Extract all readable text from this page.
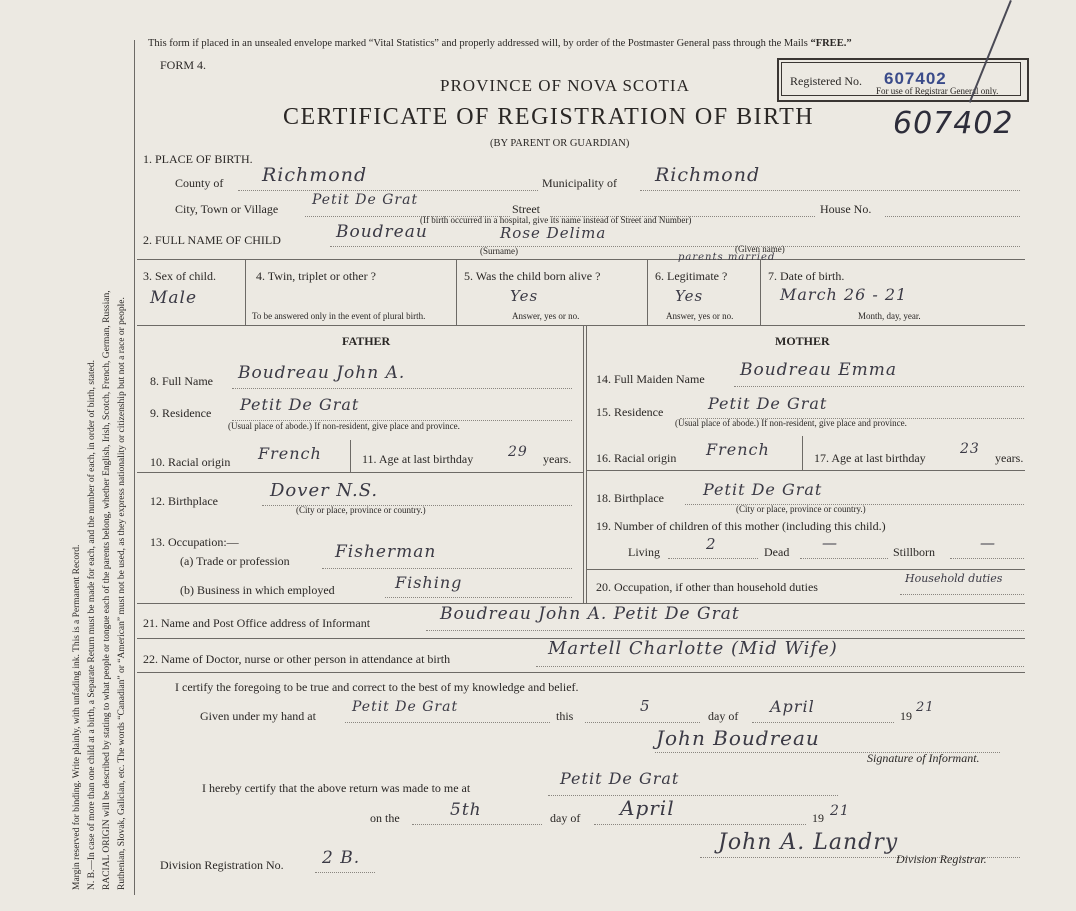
Margin reserved for binding. Write plainly, with unfading ink. This is a Permanent Record. N. B.—In case of more than one child at a birth, a Separate Return must be made for each, and the number of each, in order of birth, stated. RACIAL ORIGIN will be described by stating to what people or tongue each of the parents belong, whether English, Irish, Scotch, French, German, Russian, Ruthenian, Slovak, Galician, etc. The words “Canadian” or “American” must not be used, as they express nationality or citizenship but not a race or people.
This form if placed in an unsealed envelope marked “Vital Statistics” and properly addressed will, by order of the Postmaster General pass through the Mails “FREE.”
FORM 4.
Registered No. 607402
For use of Registrar General only.
607402
PROVINCE OF NOVA SCOTIA
CERTIFICATE OF REGISTRATION OF BIRTH
(BY PARENT OR GUARDIAN)
1. PLACE OF BIRTH.
County of Richmond	Municipality of Richmond
City, Town or Village
Petit De Grat
Street	House No.
(If birth occurred in a hospital, give its name instead of Street and Number)
2. FULL NAME OF CHILD	Boudreau	Rose Delima
(Surname)	(Given name)
3. Sex of child.
Male
4. Twin, triplet or other ?
To be answered only in the event of plural birth.
5. Was the child born alive ?
Yes
Answer, yes or no.
parents married
6. Legitimate ?
Yes
Answer, yes or no.
7. Date of birth.
March 26 - 21
Month, day, year.
FATHER	MOTHER
8. Full Name Boudreau John A.
9. Residence Petit De Grat
(Usual place of abode.) If non-resident, give place and province.
10. Racial origin French	11. Age at last birthday 29 years.
12. Birthplace	Dover N.S.
(City or place, province or country.)
13. Occupation:—
(a) Trade or profession	Fisherman
(b) Business in which employed	Fishing
14. Full Maiden Name Boudreau Emma
15. Residence	Petit De Grat
(Usual place of abode.) If non-resident, give place and province.
16. Racial origin French	17. Age at last birthday
23
years.
18. Birthplace Petit De Grat
(City or place, province or country.)
19. Number of children of this mother (including this child.)
Living	2	Dead —	Stillborn	—
20. Occupation, if other than household duties
Household duties
21. Name and Post Office address of Informant	Boudreau John A. Petit De Grat
22. Name of Doctor, nurse or other person in attendance at birth	Martell Charlotte (Mid Wife)
I certify the foregoing to be true and correct to the best of my knowledge and belief.
Given under my hand at
Petit De Grat
this
5
day of April	19
21
John Boudreau
Signature of Informant.
I hereby certify that the above return was made to me at	Petit De Grat
on the	5th	day of April	19 21
John A. Landry
Division Registrar.
Division Registration No. 2 B.
